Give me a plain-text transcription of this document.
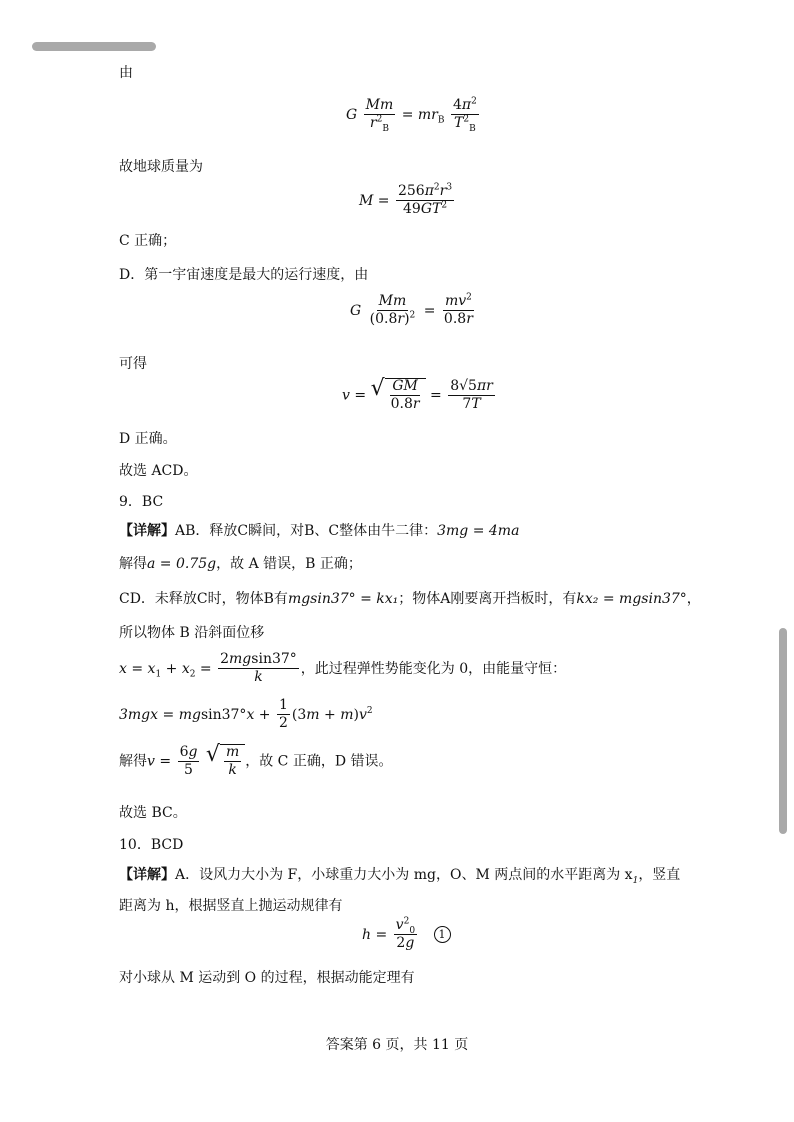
由
G $\frac{Mm}{r^2_B} = mr_B \frac{4\pi^2}{T^2_B}$
故地球质量为
$M = \frac{256\pi^2r^3}{49GT^2}$
C 正确；
D．第一宇宙速度是最大的运行速度，由
G $\frac{Mm}{(0.8r)^2} = \frac{mv^2}{0.8r}$
可得
v = √ $\frac{GM}{0.8r} = \frac{8√5\pi r}{7T}$
D 正确。
故选 ACD。
9．BC
【详解】AB．释放C瞬间，对B、C整体由牛二律：3mg = 4ma
解得a = 0.75g，故 A 错误，B 正确；
CD．未释放C时，物体B有mgsin37° = kx₁；物体A刚要离开挡板时，有kx₂ = mgsin37°，
所以物体 B 沿斜面位移
$x = x_1 + x_2 = \frac{2mgsin37^\circ}{k}$ ，此过程弹性势能变化为 0，由能量守恒：
$3mgx = mgsin37^\circ x + \frac{1}{2} (3m + m)v^2$
解得$v = \frac{6g}{5}$
√ $\frac{m}{k}$ ，故 C 正确，D 错误。
故选 BC。
10．BCD
【详解】A．设风力大小为 F，小球重力大小为 mg，O、M 两点间的水平距离为 $x_1$，竖直
距离为 h，根据竖直上抛运动规律有
$h = \frac{v^2_0}{2g} 1$
对小球从 M 运动到 O 的过程，根据动能定理有
答案第 6 页，共 11 页
